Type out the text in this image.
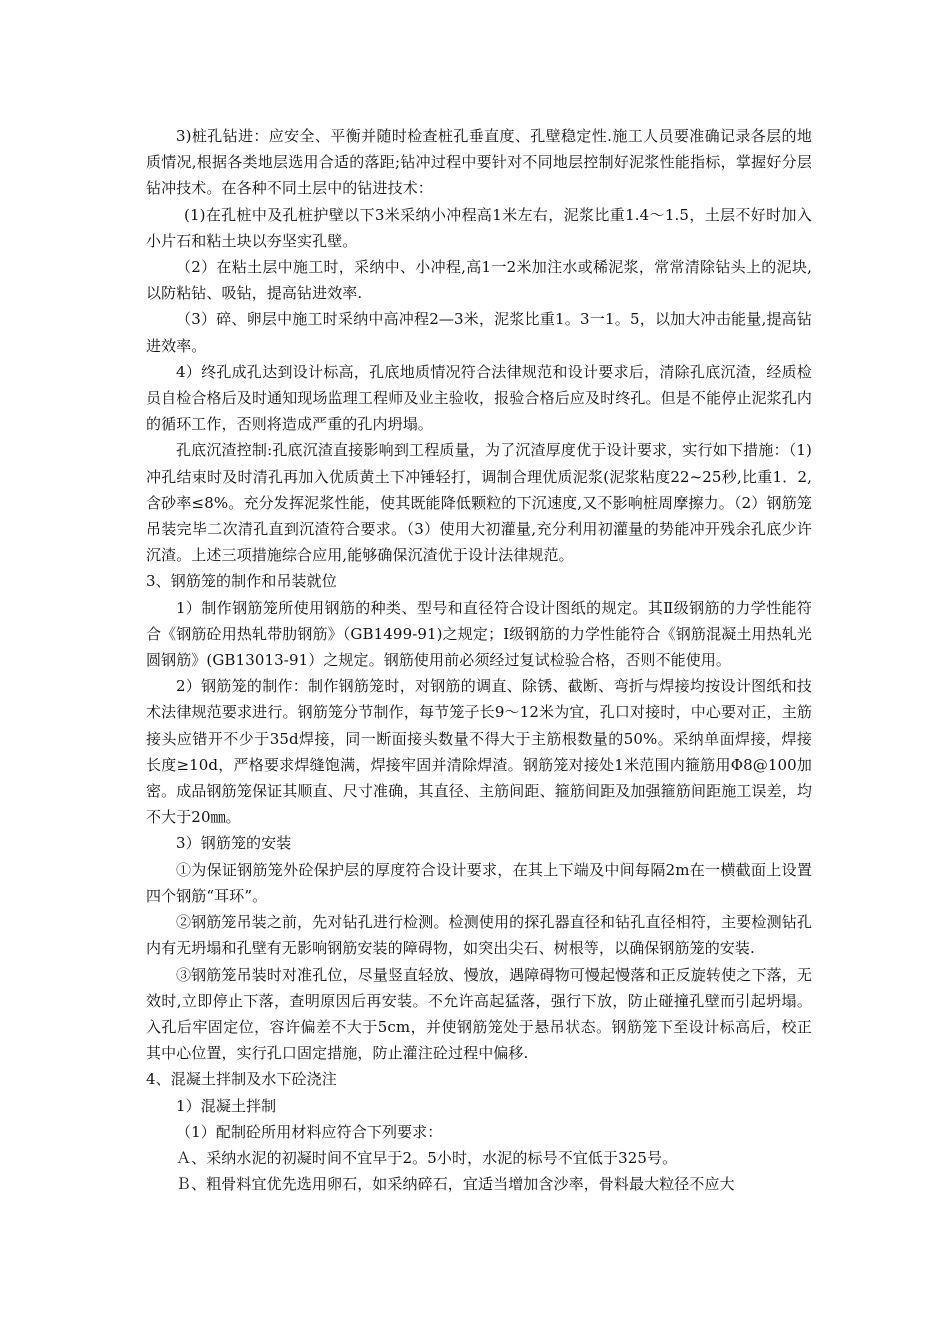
3)桩孔钻进：应安全、平衡并随时检查桩孔垂直度、孔壁稳定性.施工人员要准确记录各层的地质情况,根据各类地层选用合适的落距;钻冲过程中要针对不同地层控制好泥浆性能指标，掌握好分层钻冲技术。在各种不同土层中的钻进技术：

(1)在孔桩中及孔桩护壁以下3米采纳小冲程高1米左右，泥浆比重1.4～1.5，土层不好时加入小片石和粘土块以夯坚实孔壁。

（2）在粘土层中施工时，采纳中、小冲程,高1一2米加注水或稀泥浆，常常清除钻头上的泥块,以防粘钻、吸钻，提高钻进效率.

（3）碎、卵层中施工时采纳中高冲程2—3米，泥浆比重1。3一1。5，以加大冲击能量,提高钻进效率。

4）终孔成孔达到设计标高，孔底地质情况符合法律规范和设计要求后，清除孔底沉渣，经质检员自检合格后及时通知现场监理工程师及业主验收，报验合格后应及时终孔。但是不能停止泥浆孔内的循环工作，否则将造成严重的孔内坍塌。

孔底沉渣控制:孔底沉渣直接影响到工程质量，为了沉渣厚度优于设计要求，实行如下措施：（1)冲孔结束时及时清孔再加入优质黄土下冲锤轻打，调制合理优质泥浆(泥浆粘度22~25秒,比重1．2,含砂率≤8%。充分发挥泥浆性能，使其既能降低颗粒的下沉速度,又不影响桩周摩擦力。（2）钢筋笼吊装完毕二次清孔直到沉渣符合要求。（3）使用大初灌量,充分利用初灌量的势能冲开残余孔底少许沉渣。上述三项措施综合应用,能够确保沉渣优于设计法律规范。

3、钢筋笼的制作和吊装就位

1）制作钢筋笼所使用钢筋的种类、型号和直径符合设计图纸的规定。其Ⅱ级钢筋的力学性能符合《钢筋砼用热轧带肋钢筋》（GB1499-91)之规定；Ⅰ级钢筋的力学性能符合《钢筋混凝土用热轧光圆钢筋》(GB13013-91）之规定。钢筋使用前必须经过复试检验合格，否则不能使用。

2）钢筋笼的制作：制作钢筋笼时，对钢筋的调直、除锈、截断、弯折与焊接均按设计图纸和技术法律规范要求进行。钢筋笼分节制作，每节笼子长9～12米为宜，孔口对接时，中心要对正，主筋接头应错开不少于35d焊接，同一断面接头数量不得大于主筋根数量的50%。采纳单面焊接，焊接长度≥10d，严格要求焊缝饱满，焊接牢固并清除焊渣。钢筋笼对接处1米范围内箍筋用Φ8@100加密。成品钢筋笼保证其顺直、尺寸准确，其直径、主筋间距、箍筋间距及加强箍筋间距施工误差，均不大于20㎜。

3）钢筋笼的安装

①为保证钢筋笼外砼保护层的厚度符合设计要求，在其上下端及中间每隔2m在一横截面上设置四个钢筋“耳环”。

②钢筋笼吊装之前，先对钻孔进行检测。检测使用的探孔器直径和钻孔直径相符，主要检测钻孔内有无坍塌和孔壁有无影响钢筋安装的障碍物，如突出尖石、树根等，以确保钢筋笼的安装.

③钢筋笼吊装时对准孔位，尽量竖直轻放、慢放，遇障碍物可慢起慢落和正反旋转使之下落，无效时,立即停止下落，查明原因后再安装。不允许高起猛落，强行下放，防止碰撞孔壁而引起坍塌。入孔后牢固定位，容许偏差不大于5cm，并使钢筋笼处于悬吊状态。钢筋笼下至设计标高后，校正其中心位置，实行孔口固定措施，防止灌注砼过程中偏移.

4、混凝土拌制及水下砼浇注

1）混凝土拌制

（1）配制砼所用材料应符合下列要求：

Ａ、采纳水泥的初凝时间不宜早于2。5小时，水泥的标号不宜低于325号。

Ｂ、粗骨料宜优先选用卵石，如采纳碎石，宜适当增加含沙率，骨料最大粒径不应大
